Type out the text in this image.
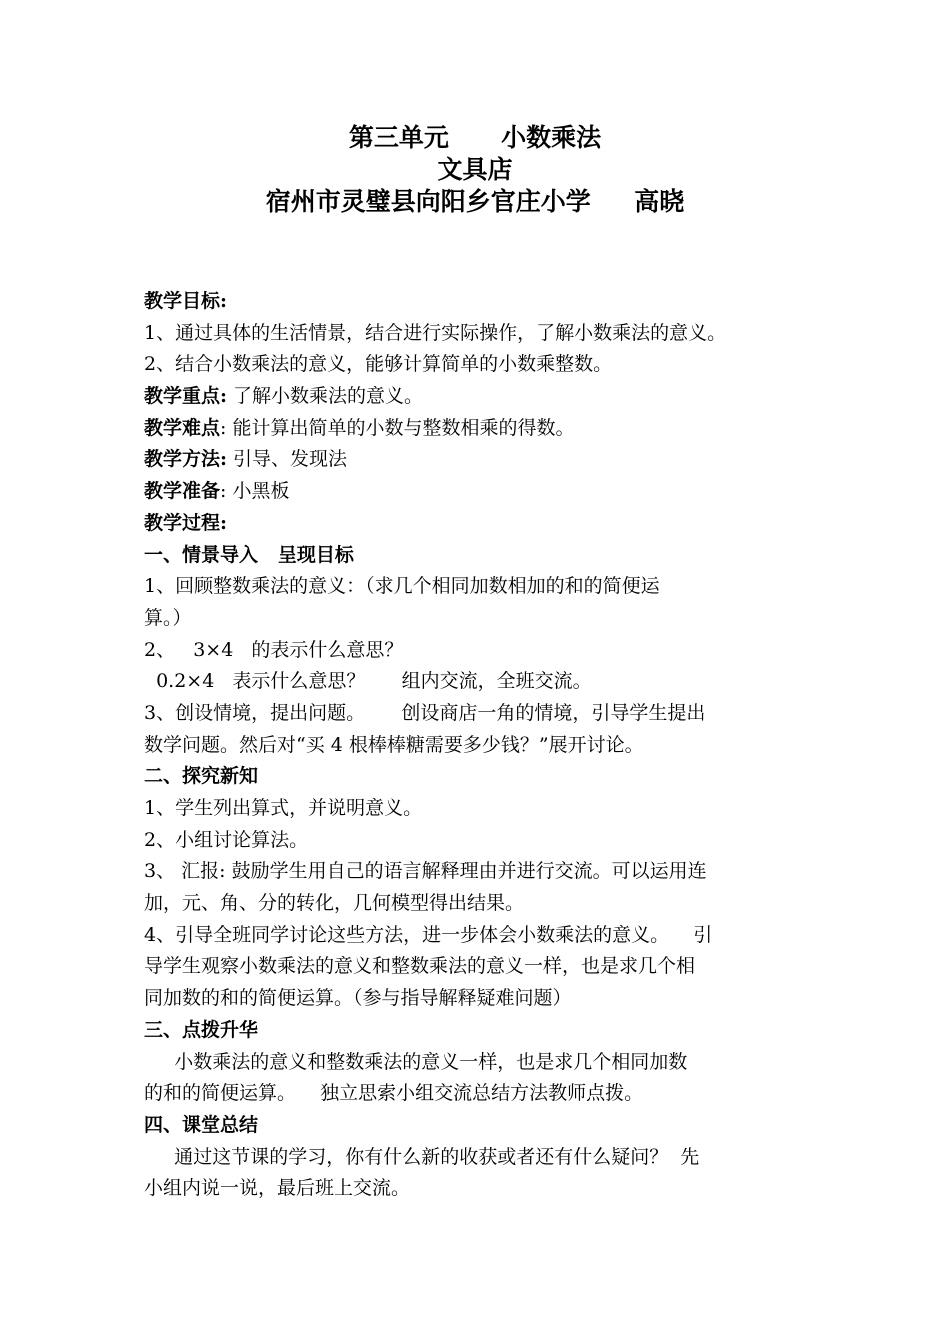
第三单元      小数乘法
文具店
宿州市灵璧县向阳乡官庄小学     高晓
教学目标:
1、通过具体的生活情景，结合进行实际操作，了解小数乘法的意义。
2、结合小数乘法的意义，能够计算简单的小数乘整数。
教学重点: 了解小数乘法的意义。
教学难点: 能计算出简单的小数与整数相乘的得数。
教学方法: 引导、发现法
教学准备: 小黑板
教学过程:
一、情景导入   呈现目标
1、回顾整数乘法的意义：（求几个相同加数相加的和的简便运
算。）
2、   3×4   的表示什么意思？
0.2×4   表示什么意思？      组内交流，全班交流。
3、创设情境，提出问题。      创设商店一角的情境，引导学生提出
数学问题。然后对“买 4 根棒棒糖需要多少钱？”展开讨论。
二、探究新知
1、学生列出算式，并说明意义。
2、小组讨论算法。
3、 汇报: 鼓励学生用自己的语言解释理由并进行交流。可以运用连
加，元、角、分的转化，几何模型得出结果。
4、引导全班同学讨论这些方法，进一步体会小数乘法的意义。    引
导学生观察小数乘法的意义和整数乘法的意义一样，也是求几个相
同加数的和的简便运算。（参与指导解释疑难问题）
三、点拨升华
小数乘法的意义和整数乘法的意义一样，也是求几个相同加数
的和的简便运算。    独立思索小组交流总结方法教师点拨。
四、课堂总结
通过这节课的学习，你有什么新的收获或者还有什么疑问？  先
小组内说一说，最后班上交流。
